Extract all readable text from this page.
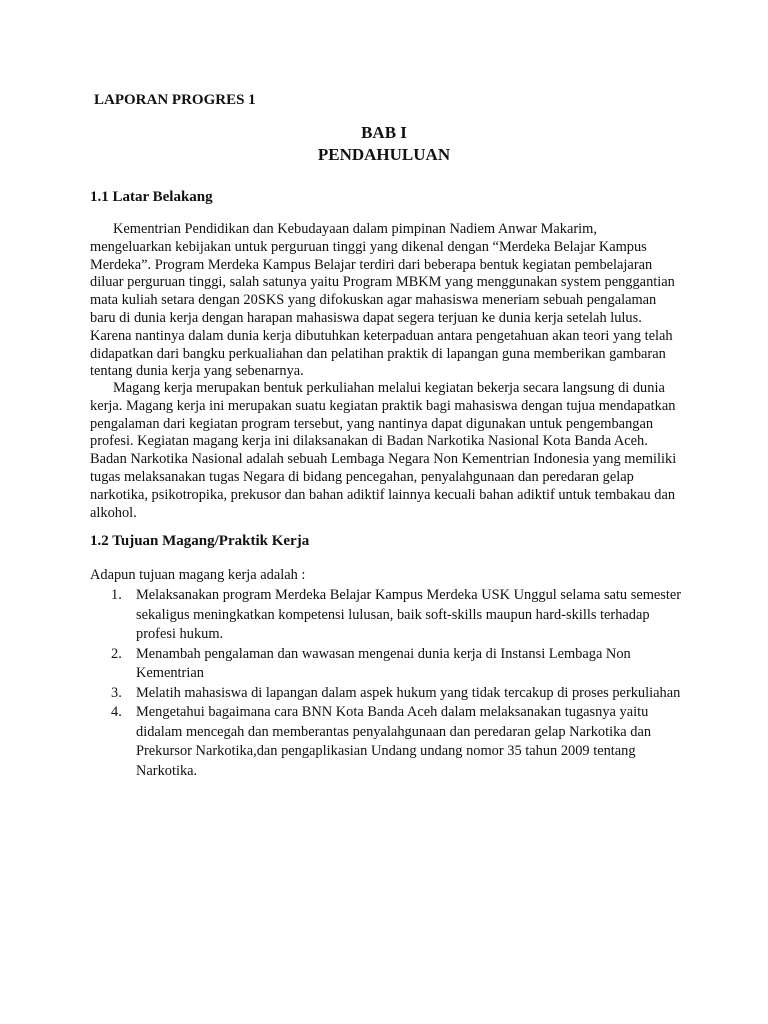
LAPORAN PROGRES 1

BAB I

PENDAHULUAN

1.1 Latar Belakang

Kementrian Pendidikan dan Kebudayaan dalam pimpinan Nadiem Anwar Makarim, mengeluarkan kebijakan untuk perguruan tinggi yang dikenal dengan “Merdeka Belajar Kampus Merdeka”. Program Merdeka Kampus Belajar terdiri dari beberapa bentuk kegiatan pembelajaran diluar perguruan tinggi, salah satunya yaitu Program MBKM yang menggunakan system penggantian mata kuliah setara dengan 20SKS yang difokuskan agar mahasiswa meneriam sebuah pengalaman baru di dunia kerja dengan harapan mahasiswa dapat segera terjuan ke dunia kerja setelah lulus. Karena nantinya dalam dunia kerja dibutuhkan keterpaduan antara pengetahuan akan teori yang telah didapatkan dari bangku perkualiahan dan pelatihan praktik di lapangan guna memberikan gambaran tentang dunia kerja yang sebenarnya.

Magang kerja merupakan bentuk perkuliahan melalui kegiatan bekerja secara langsung di dunia kerja. Magang kerja ini merupakan suatu kegiatan praktik bagi mahasiswa dengan tujua mendapatkan pengalaman dari kegiatan program tersebut, yang nantinya dapat digunakan untuk pengembangan profesi. Kegiatan magang kerja ini dilaksanakan di Badan Narkotika Nasional Kota Banda Aceh. Badan Narkotika Nasional adalah sebuah Lembaga Negara Non Kementrian Indonesia yang memiliki tugas melaksanakan tugas Negara di bidang pencegahan, penyalahgunaan dan peredaran gelap narkotika, psikotropika, prekusor dan bahan adiktif lainnya kecuali bahan adiktif untuk tembakau dan alkohol.

1.2 Tujuan Magang/Praktik Kerja

Adapun tujuan magang kerja adalah :

1. Melaksanakan program Merdeka Belajar Kampus Merdeka USK Unggul selama satu semester sekaligus meningkatkan kompetensi lulusan, baik soft-skills maupun hard-skills terhadap profesi hukum.
2. Menambah pengalaman dan wawasan mengenai dunia kerja di Instansi Lembaga Non Kementrian
3. Melatih mahasiswa di lapangan dalam aspek hukum yang tidak tercakup di proses perkuliahan
4. Mengetahui bagaimana cara BNN Kota Banda Aceh dalam melaksanakan tugasnya yaitu didalam mencegah dan memberantas penyalahgunaan dan peredaran gelap Narkotika dan Prekursor Narkotika,dan pengaplikasian Undang undang nomor 35 tahun 2009 tentang Narkotika.
